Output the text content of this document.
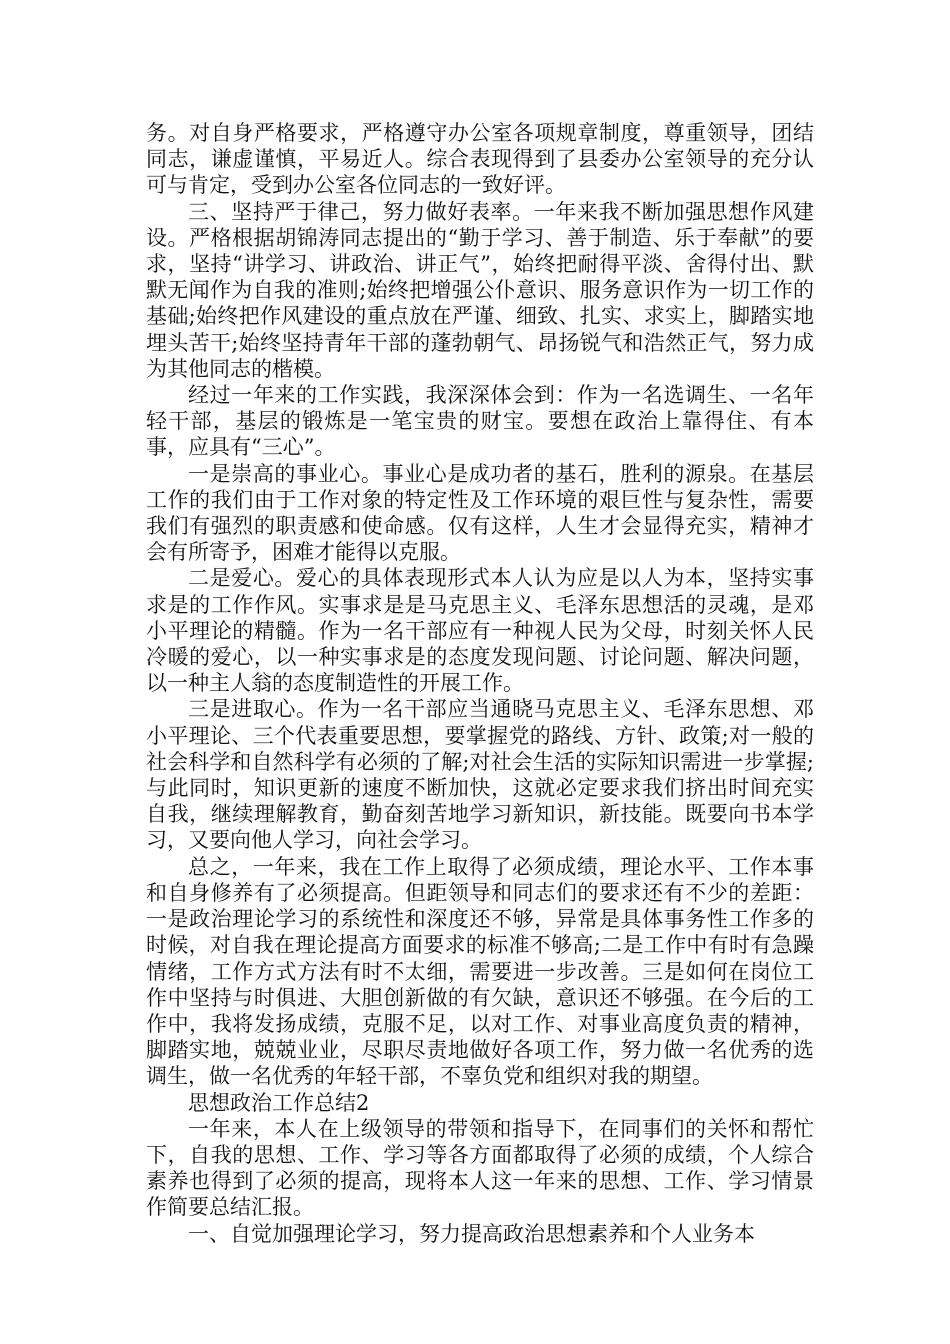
务。对自身严格要求，严格遵守办公室各项规章制度，尊重领导，团结同志，谦虚谨慎，平易近人。综合表现得到了县委办公室领导的充分认可与肯定，受到办公室各位同志的一致好评。

三、坚持严于律己，努力做好表率。一年来我不断加强思想作风建设。严格根据胡锦涛同志提出的“勤于学习、善于制造、乐于奉献”的要求，坚持“讲学习、讲政治、讲正气”，始终把耐得平淡、舍得付出、默默无闻作为自我的准则;始终把增强公仆意识、服务意识作为一切工作的基础;始终把作风建设的重点放在严谨、细致、扎实、求实上，脚踏实地埋头苦干;始终坚持青年干部的蓬勃朝气、昂扬锐气和浩然正气，努力成为其他同志的楷模。

经过一年来的工作实践，我深深体会到：作为一名选调生、一名年轻干部，基层的锻炼是一笔宝贵的财宝。要想在政治上靠得住、有本事，应具有“三心”。

一是崇高的事业心。事业心是成功者的基石，胜利的源泉。在基层工作的我们由于工作对象的特定性及工作环境的艰巨性与复杂性，需要我们有强烈的职责感和使命感。仅有这样，人生才会显得充实，精神才会有所寄予，困难才能得以克服。

二是爱心。爱心的具体表现形式本人认为应是以人为本，坚持实事求是的工作作风。实事求是是马克思主义、毛泽东思想活的灵魂，是邓小平理论的精髓。作为一名干部应有一种视人民为父母，时刻关怀人民冷暖的爱心，以一种实事求是的态度发现问题、讨论问题、解决问题，以一种主人翁的态度制造性的开展工作。

三是进取心。作为一名干部应当通晓马克思主义、毛泽东思想、邓小平理论、三个代表重要思想，要掌握党的路线、方针、政策;对一般的社会科学和自然科学有必须的了解;对社会生活的实际知识需进一步掌握;与此同时，知识更新的速度不断加快，这就必定要求我们挤出时间充实自我，继续理解教育，勤奋刻苦地学习新知识，新技能。既要向书本学习，又要向他人学习，向社会学习。

总之，一年来，我在工作上取得了必须成绩，理论水平、工作本事和自身修养有了必须提高。但距领导和同志们的要求还有不少的差距：一是政治理论学习的系统性和深度还不够，异常是具体事务性工作多的时候，对自我在理论提高方面要求的标准不够高;二是工作中有时有急躁情绪，工作方式方法有时不太细，需要进一步改善。三是如何在岗位工作中坚持与时俱进、大胆创新做的有欠缺，意识还不够强。在今后的工作中，我将发扬成绩，克服不足，以对工作、对事业高度负责的精神，脚踏实地，兢兢业业，尽职尽责地做好各项工作，努力做一名优秀的选调生，做一名优秀的年轻干部，不辜负党和组织对我的期望。

思想政治工作总结2

一年来，本人在上级领导的带领和指导下，在同事们的关怀和帮忙下，自我的思想、工作、学习等各方面都取得了必须的成绩，个人综合素养也得到了必须的提高，现将本人这一年来的思想、工作、学习情景作简要总结汇报。

一、自觉加强理论学习，努力提高政治思想素养和个人业务本
